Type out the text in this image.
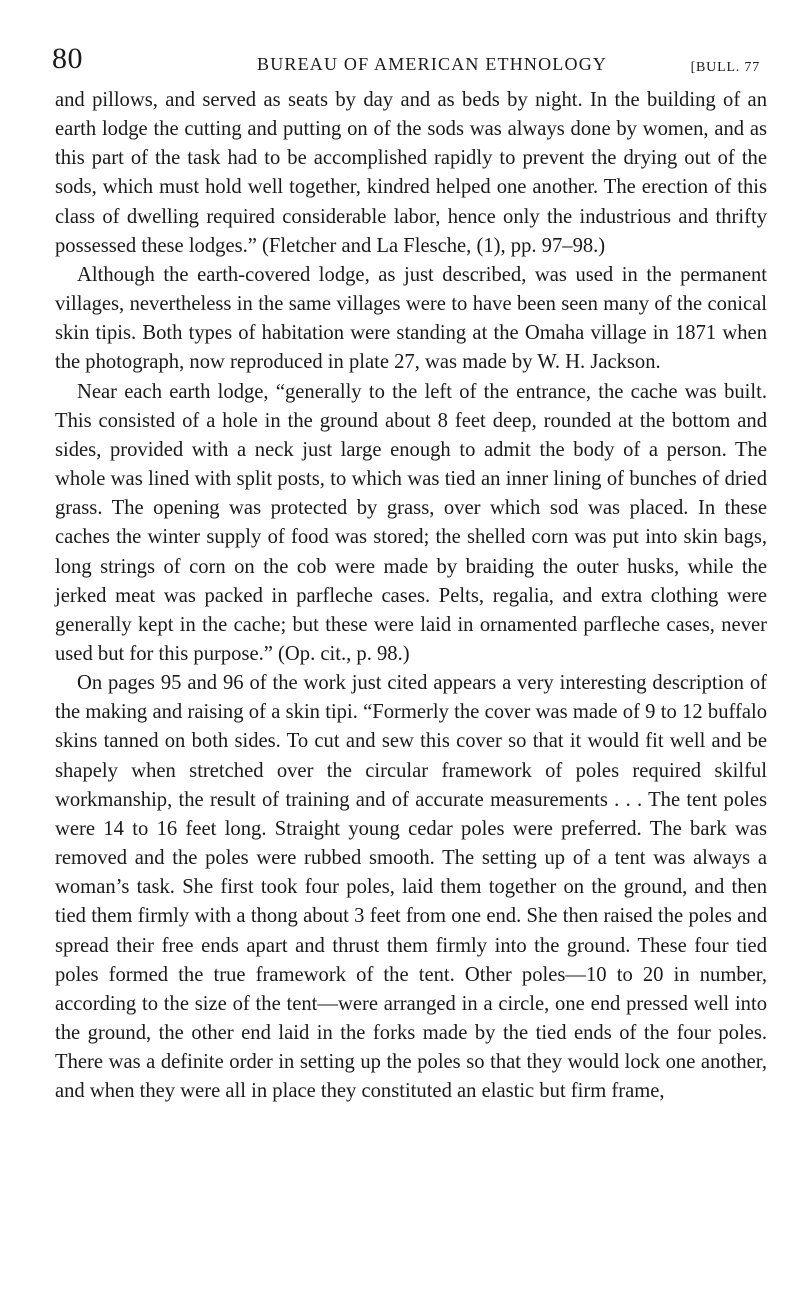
80	BUREAU OF AMERICAN ETHNOLOGY	[BULL. 77

and pillows, and served as seats by day and as beds by night. In the building of an earth lodge the cutting and putting on of the sods was always done by women, and as this part of the task had to be accomplished rapidly to prevent the drying out of the sods, which must hold well together, kindred helped one another. The erection of this class of dwelling required considerable labor, hence only the industrious and thrifty possessed these lodges.” (Fletcher and La Flesche, (1), pp. 97–98.)

Although the earth-covered lodge, as just described, was used in the permanent villages, nevertheless in the same villages were to have been seen many of the conical skin tipis. Both types of habitation were standing at the Omaha village in 1871 when the photograph, now reproduced in plate 27, was made by W. H. Jackson.

Near each earth lodge, “generally to the left of the entrance, the cache was built. This consisted of a hole in the ground about 8 feet deep, rounded at the bottom and sides, provided with a neck just large enough to admit the body of a person. The whole was lined with split posts, to which was tied an inner lining of bunches of dried grass. The opening was protected by grass, over which sod was placed. In these caches the winter supply of food was stored; the shelled corn was put into skin bags, long strings of corn on the cob were made by braiding the outer husks, while the jerked meat was packed in parfleche cases. Pelts, regalia, and extra clothing were generally kept in the cache; but these were laid in ornamented parfleche cases, never used but for this purpose.” (Op. cit., p. 98.)

On pages 95 and 96 of the work just cited appears a very interesting description of the making and raising of a skin tipi. “Formerly the cover was made of 9 to 12 buffalo skins tanned on both sides. To cut and sew this cover so that it would fit well and be shapely when stretched over the circular framework of poles required skilful workmanship, the result of training and of accurate measurements . . . The tent poles were 14 to 16 feet long. Straight young cedar poles were preferred. The bark was removed and the poles were rubbed smooth. The setting up of a tent was always a woman’s task. She first took four poles, laid them together on the ground, and then tied them firmly with a thong about 3 feet from one end. She then raised the poles and spread their free ends apart and thrust them firmly into the ground. These four tied poles formed the true framework of the tent. Other poles—10 to 20 in number, according to the size of the tent—were arranged in a circle, one end pressed well into the ground, the other end laid in the forks made by the tied ends of the four poles. There was a definite order in setting up the poles so that they would lock one another, and when they were all in place they constituted an elastic but firm frame,
